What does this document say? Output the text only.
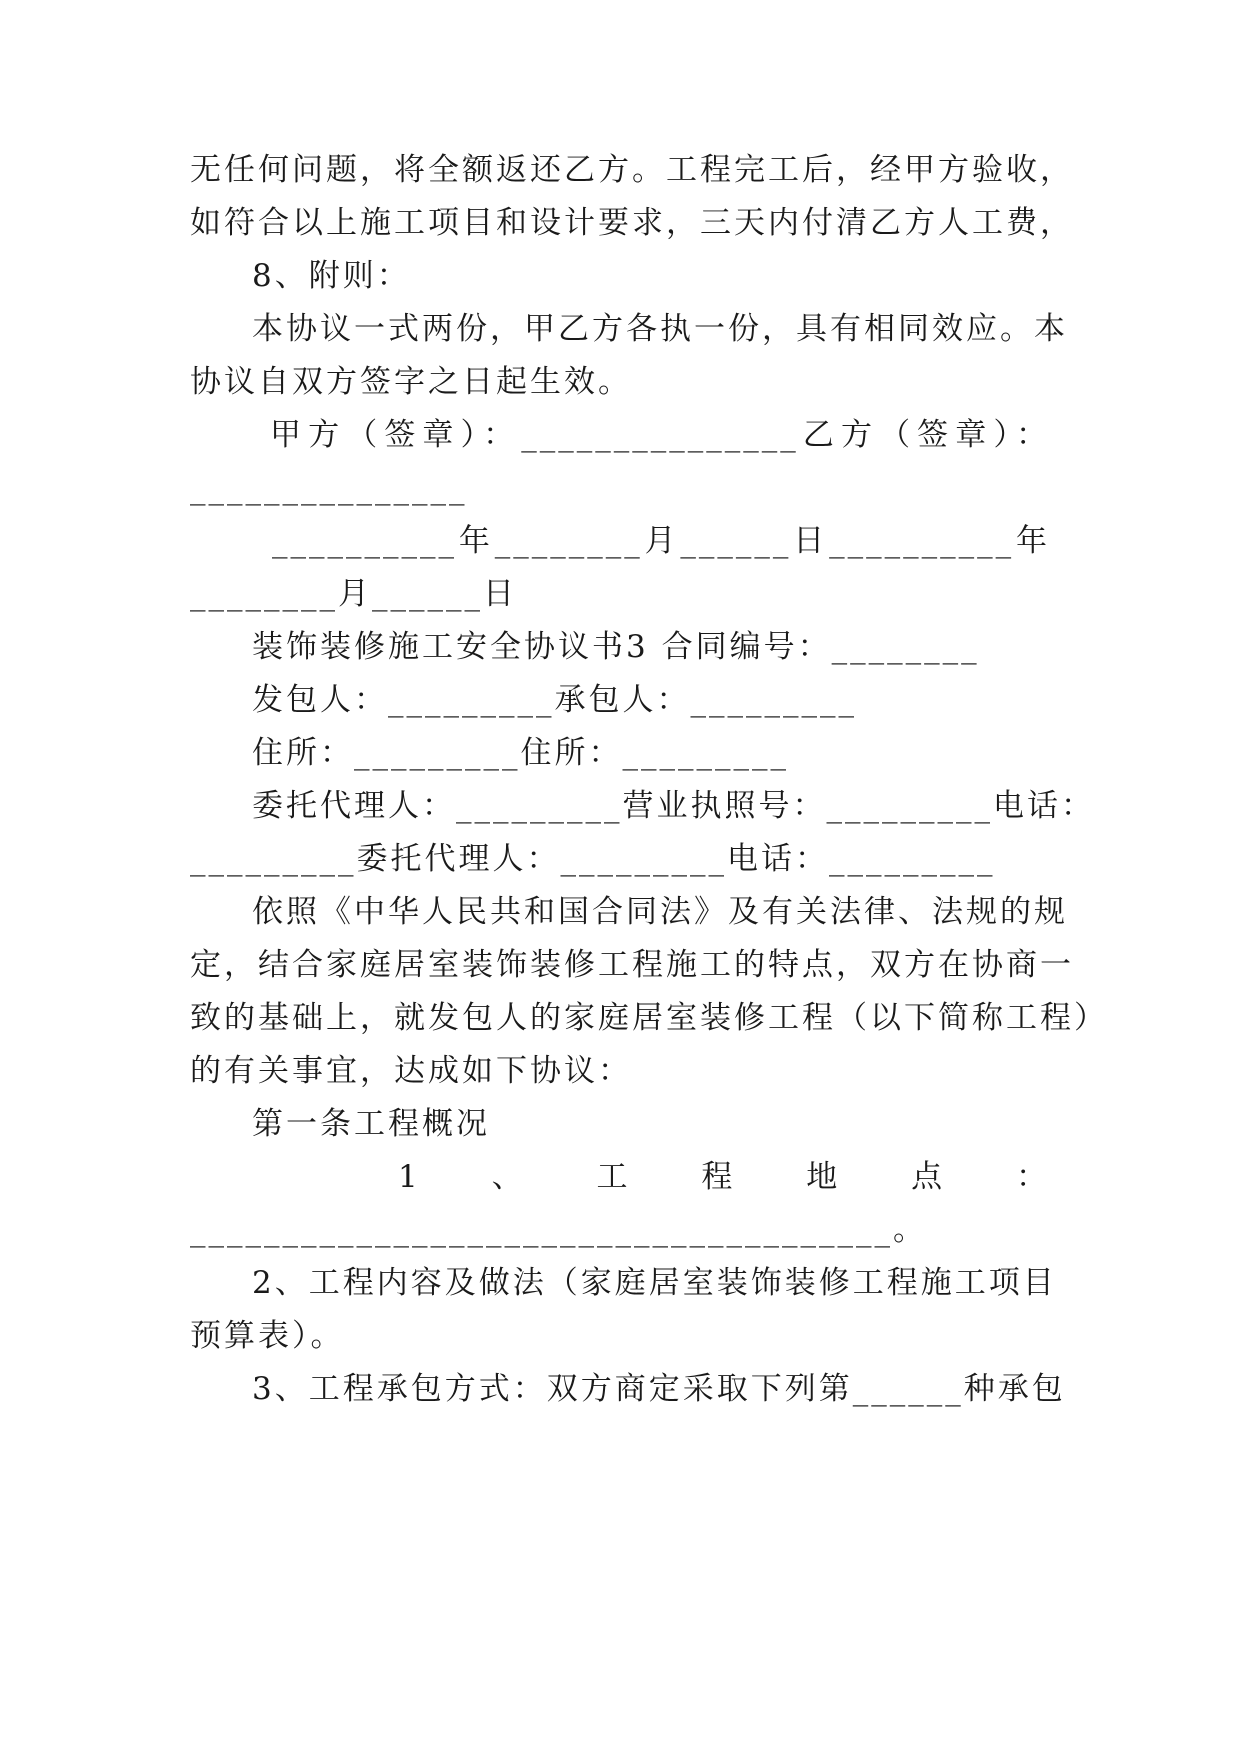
无任何问题，将全额返还乙方。工程完工后，经甲方验收，
如符合以上施工项目和设计要求，三天内付清乙方人工费，
8、附则：
本协议一式两份，甲乙方各执一份，具有相同效应。本
协议自双方签字之日起生效。
甲方（签章）：_______________乙方（签章）：
_______________
__________年________月______日__________年
________月______日
装饰装修施工安全协议书3 合同编号：________
发包人：_________承包人：_________
住所：_________住所：_________
委托代理人：_________营业执照号：_________电话：
_________委托代理人：_________电话：_________
依照《中华人民共和国合同法》及有关法律、法规的规
定，结合家庭居室装饰装修工程施工的特点，双方在协商一
致的基础上，就发包人的家庭居室装修工程（以下简称工程）
的有关事宜，达成如下协议：
第一条工程概况
1、工程地点：
______________________________________。
2、工程内容及做法（家庭居室装饰装修工程施工项目
预算表）。
3、工程承包方式：双方商定采取下列第______种承包
